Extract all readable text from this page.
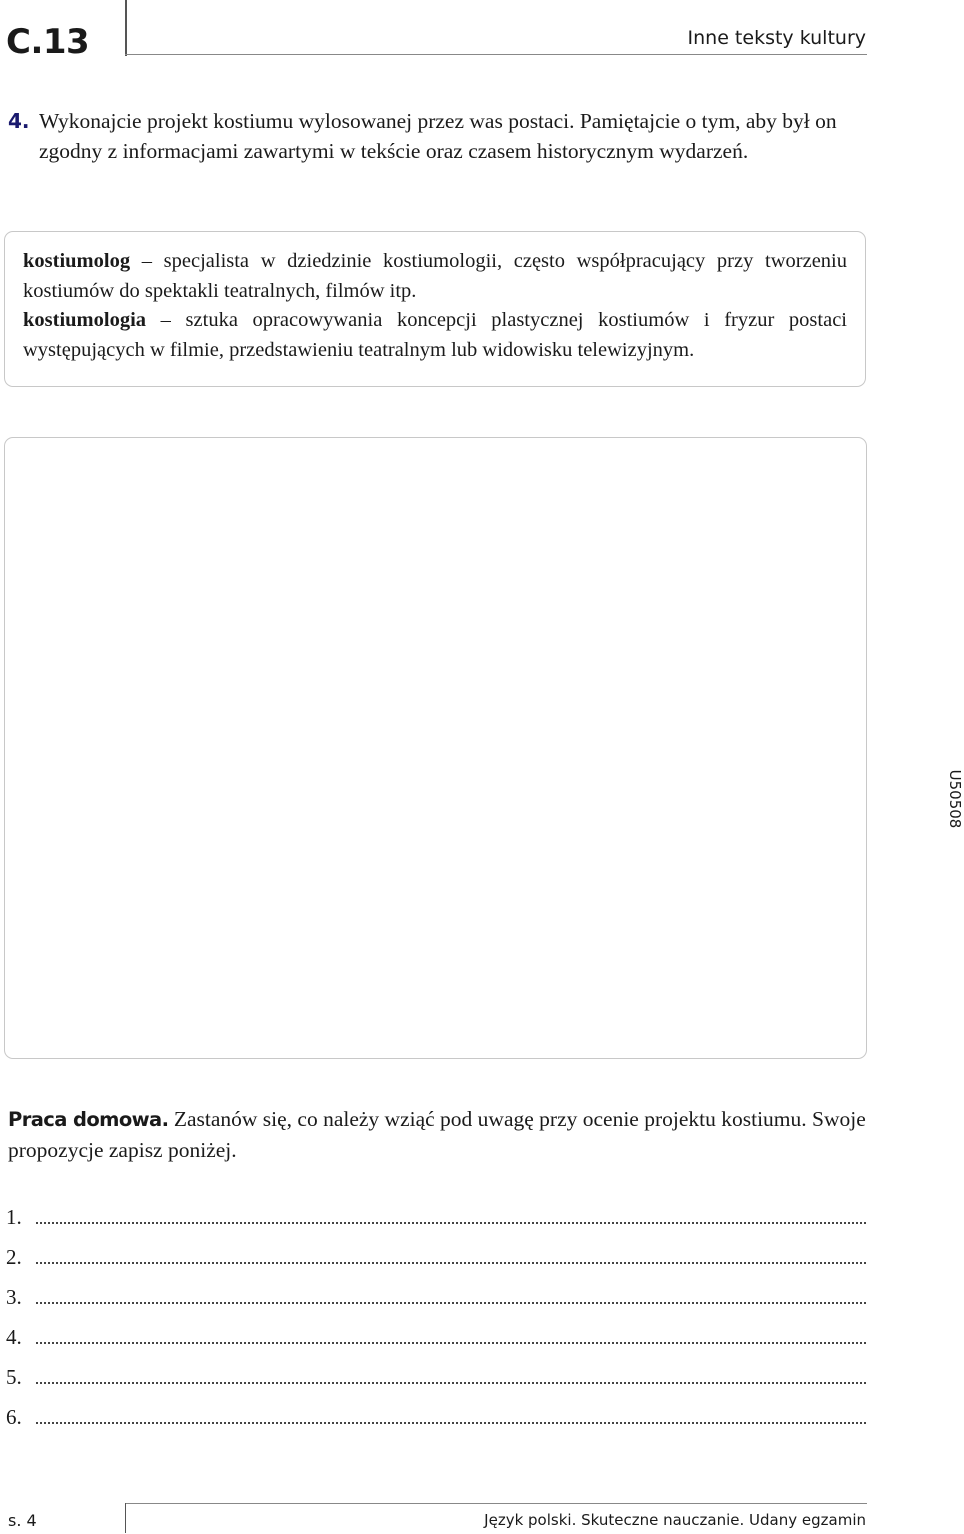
C.13	Inne teksty kultury
4. Wykonajcie projekt kostiumu wylosowanej przez was postaci. Pamiętajcie o tym, aby był on zgodny z informacjami zawartymi w tekście oraz czasem historycznym wydarzeń.

kostiumolog – specjalista w dziedzinie kostiumologii, często współpracujący przy tworzeniu kostiumów do spektakli teatralnych, filmów itp.

kostiumologia – sztuka opracowywania koncepcji plastycznej kostiumów i fryzur postaci występujących w filmie, przedstawieniu teatralnym lub widowisku telewizyjnym.

U50508
Praca domowa. Zastanów się, co należy wziąć pod uwagę przy ocenie projektu kostiumu. Swoje propozycje zapisz poniżej.
1.
2.
3.
4.
5.
6.
s. 4	Język polski. Skuteczne nauczanie. Udany egzamin
